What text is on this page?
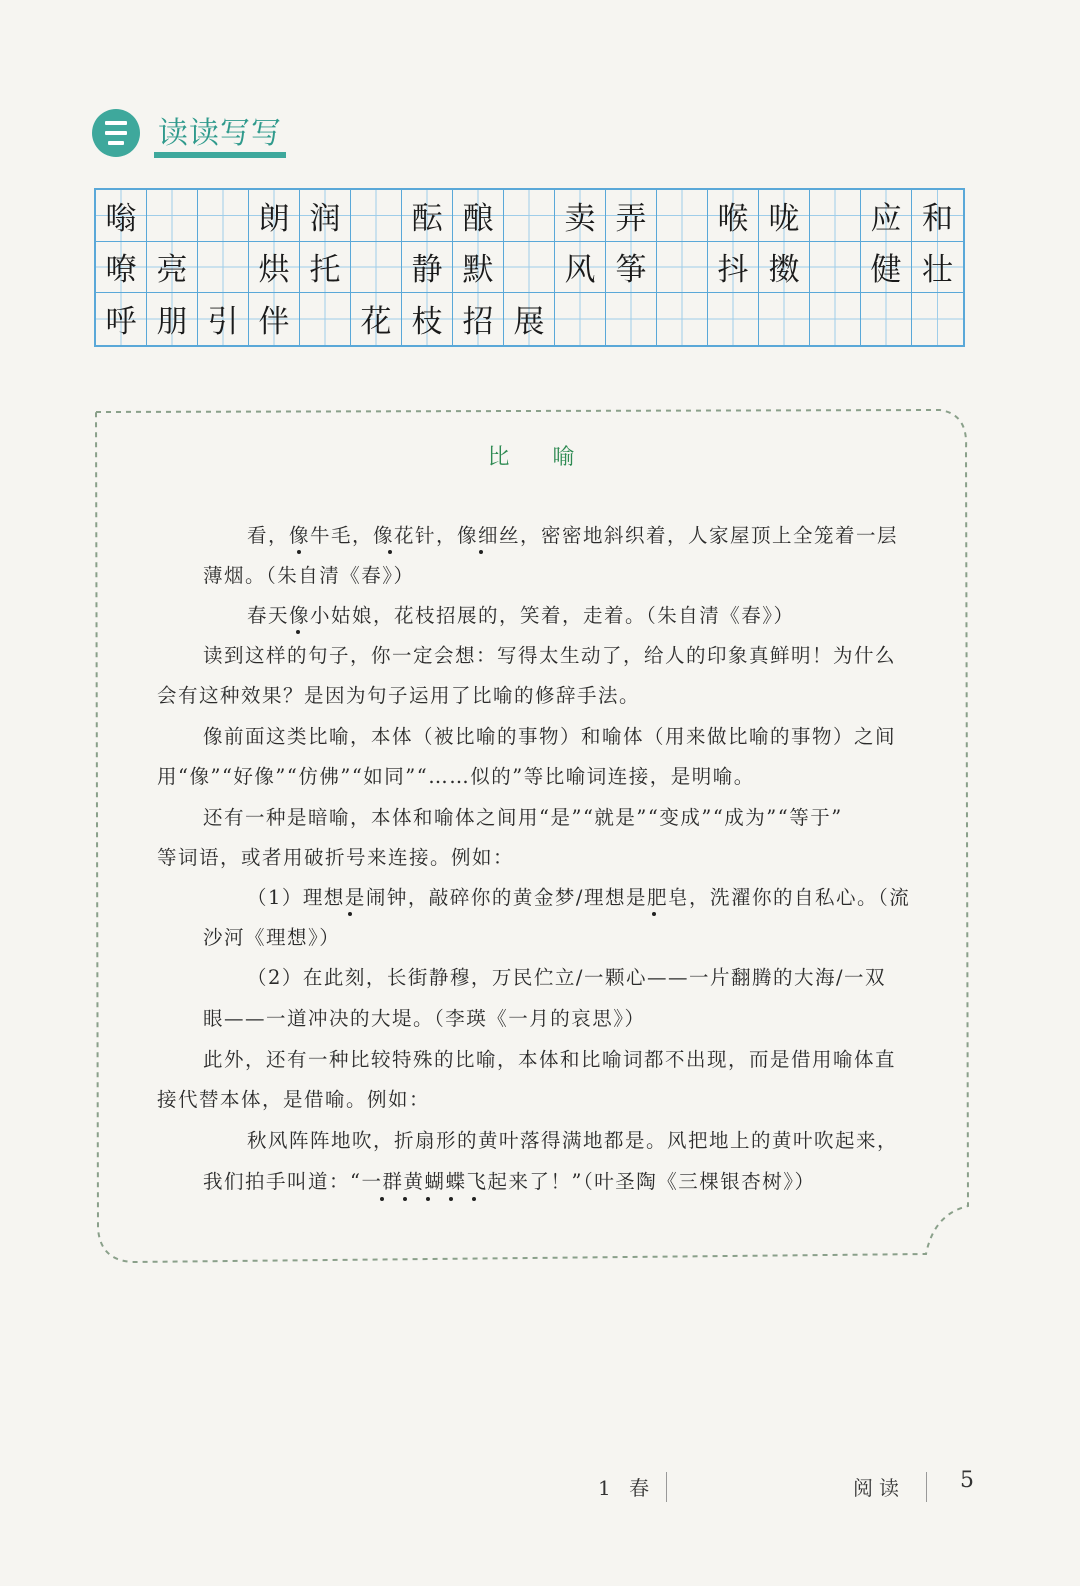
读读写写
嗡	朗 润	酝 酿	卖 弄	喉 咙	应 和
嘹 亮	烘 托	静 默	风 筝	抖 擞	健 壮
呼 朋 引 伴	花 枝 招 展
比 喻
看，像牛毛，像花针，像细丝，密密地斜织着，人家屋顶上全笼着一层
薄烟。（朱自清《春》）
春天像小姑娘，花枝招展的，笑着，走着。（朱自清《春》）
读到这样的句子，你一定会想：写得太生动了，给人的印象真鲜明！为什么
会有这种效果？是因为句子运用了比喻的修辞手法。
像前面这类比喻，本体（被比喻的事物）和喻体（用来做比喻的事物）之间
用“像”“好像”“仿佛”“如同”“……似的”等比喻词连接，是明喻。
还有一种是暗喻，本体和喻体之间用“是”“就是”“变成”“成为”“等于”
等词语，或者用破折号来连接。例如：
（1）理想是闹钟，敲碎你的黄金梦/理想是肥皂，洗濯你的自私心。（流
沙河《理想》）
（2）在此刻，长街静穆，万民伫立/一颗心——一片翻腾的大海/一双
眼——一道冲决的大堤。（李瑛《一月的哀思》）
此外，还有一种比较特殊的比喻，本体和比喻词都不出现，而是借用喻体直
接代替本体，是借喻。例如：
秋风阵阵地吹，折扇形的黄叶落得满地都是。风把地上的黄叶吹起来，
我们拍手叫道：“一群黄蝴蝶飞起来了！”（叶圣陶《三棵银杏树》）
1 春	阅读	5
